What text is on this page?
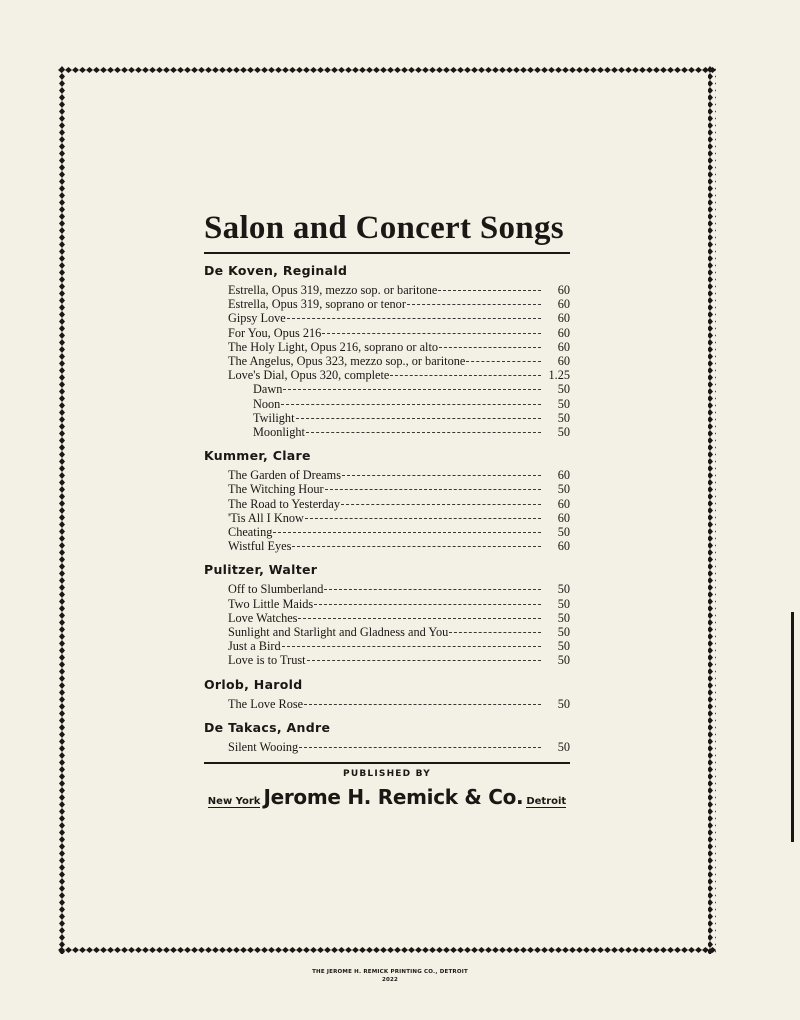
Salon and Concert Songs
De Koven, Reginald
Estrella, Opus 319, mezzo sop. or baritone	60
Estrella, Opus 319, soprano or tenor	60
Gipsy Love	60
For You, Opus 216	60
The Holy Light, Opus 216, soprano or alto	60
The Angelus, Opus 323, mezzo sop., or baritone	60
Love's Dial, Opus 320, complete	1.25
Dawn	50
Noon	50
Twilight	50
Moonlight	50
Kummer, Clare
The Garden of Dreams	60
The Witching Hour	50
The Road to Yesterday	60
'Tis All I Know	60
Cheating	50
Wistful Eyes	60
Pulitzer, Walter
Off to Slumberland	50
Two Little Maids	50
Love Watches	50
Sunlight and Starlight and Gladness and You	50
Just a Bird	50
Love is to Trust	50
Orlob, Harold
The Love Rose	50
De Takacs, Andre
Silent Wooing	50
PUBLISHED BY
New York Jerome H. Remick & Co. Detroit
THE JEROME H. REMICK PRINTING CO., DETROIT
2022
